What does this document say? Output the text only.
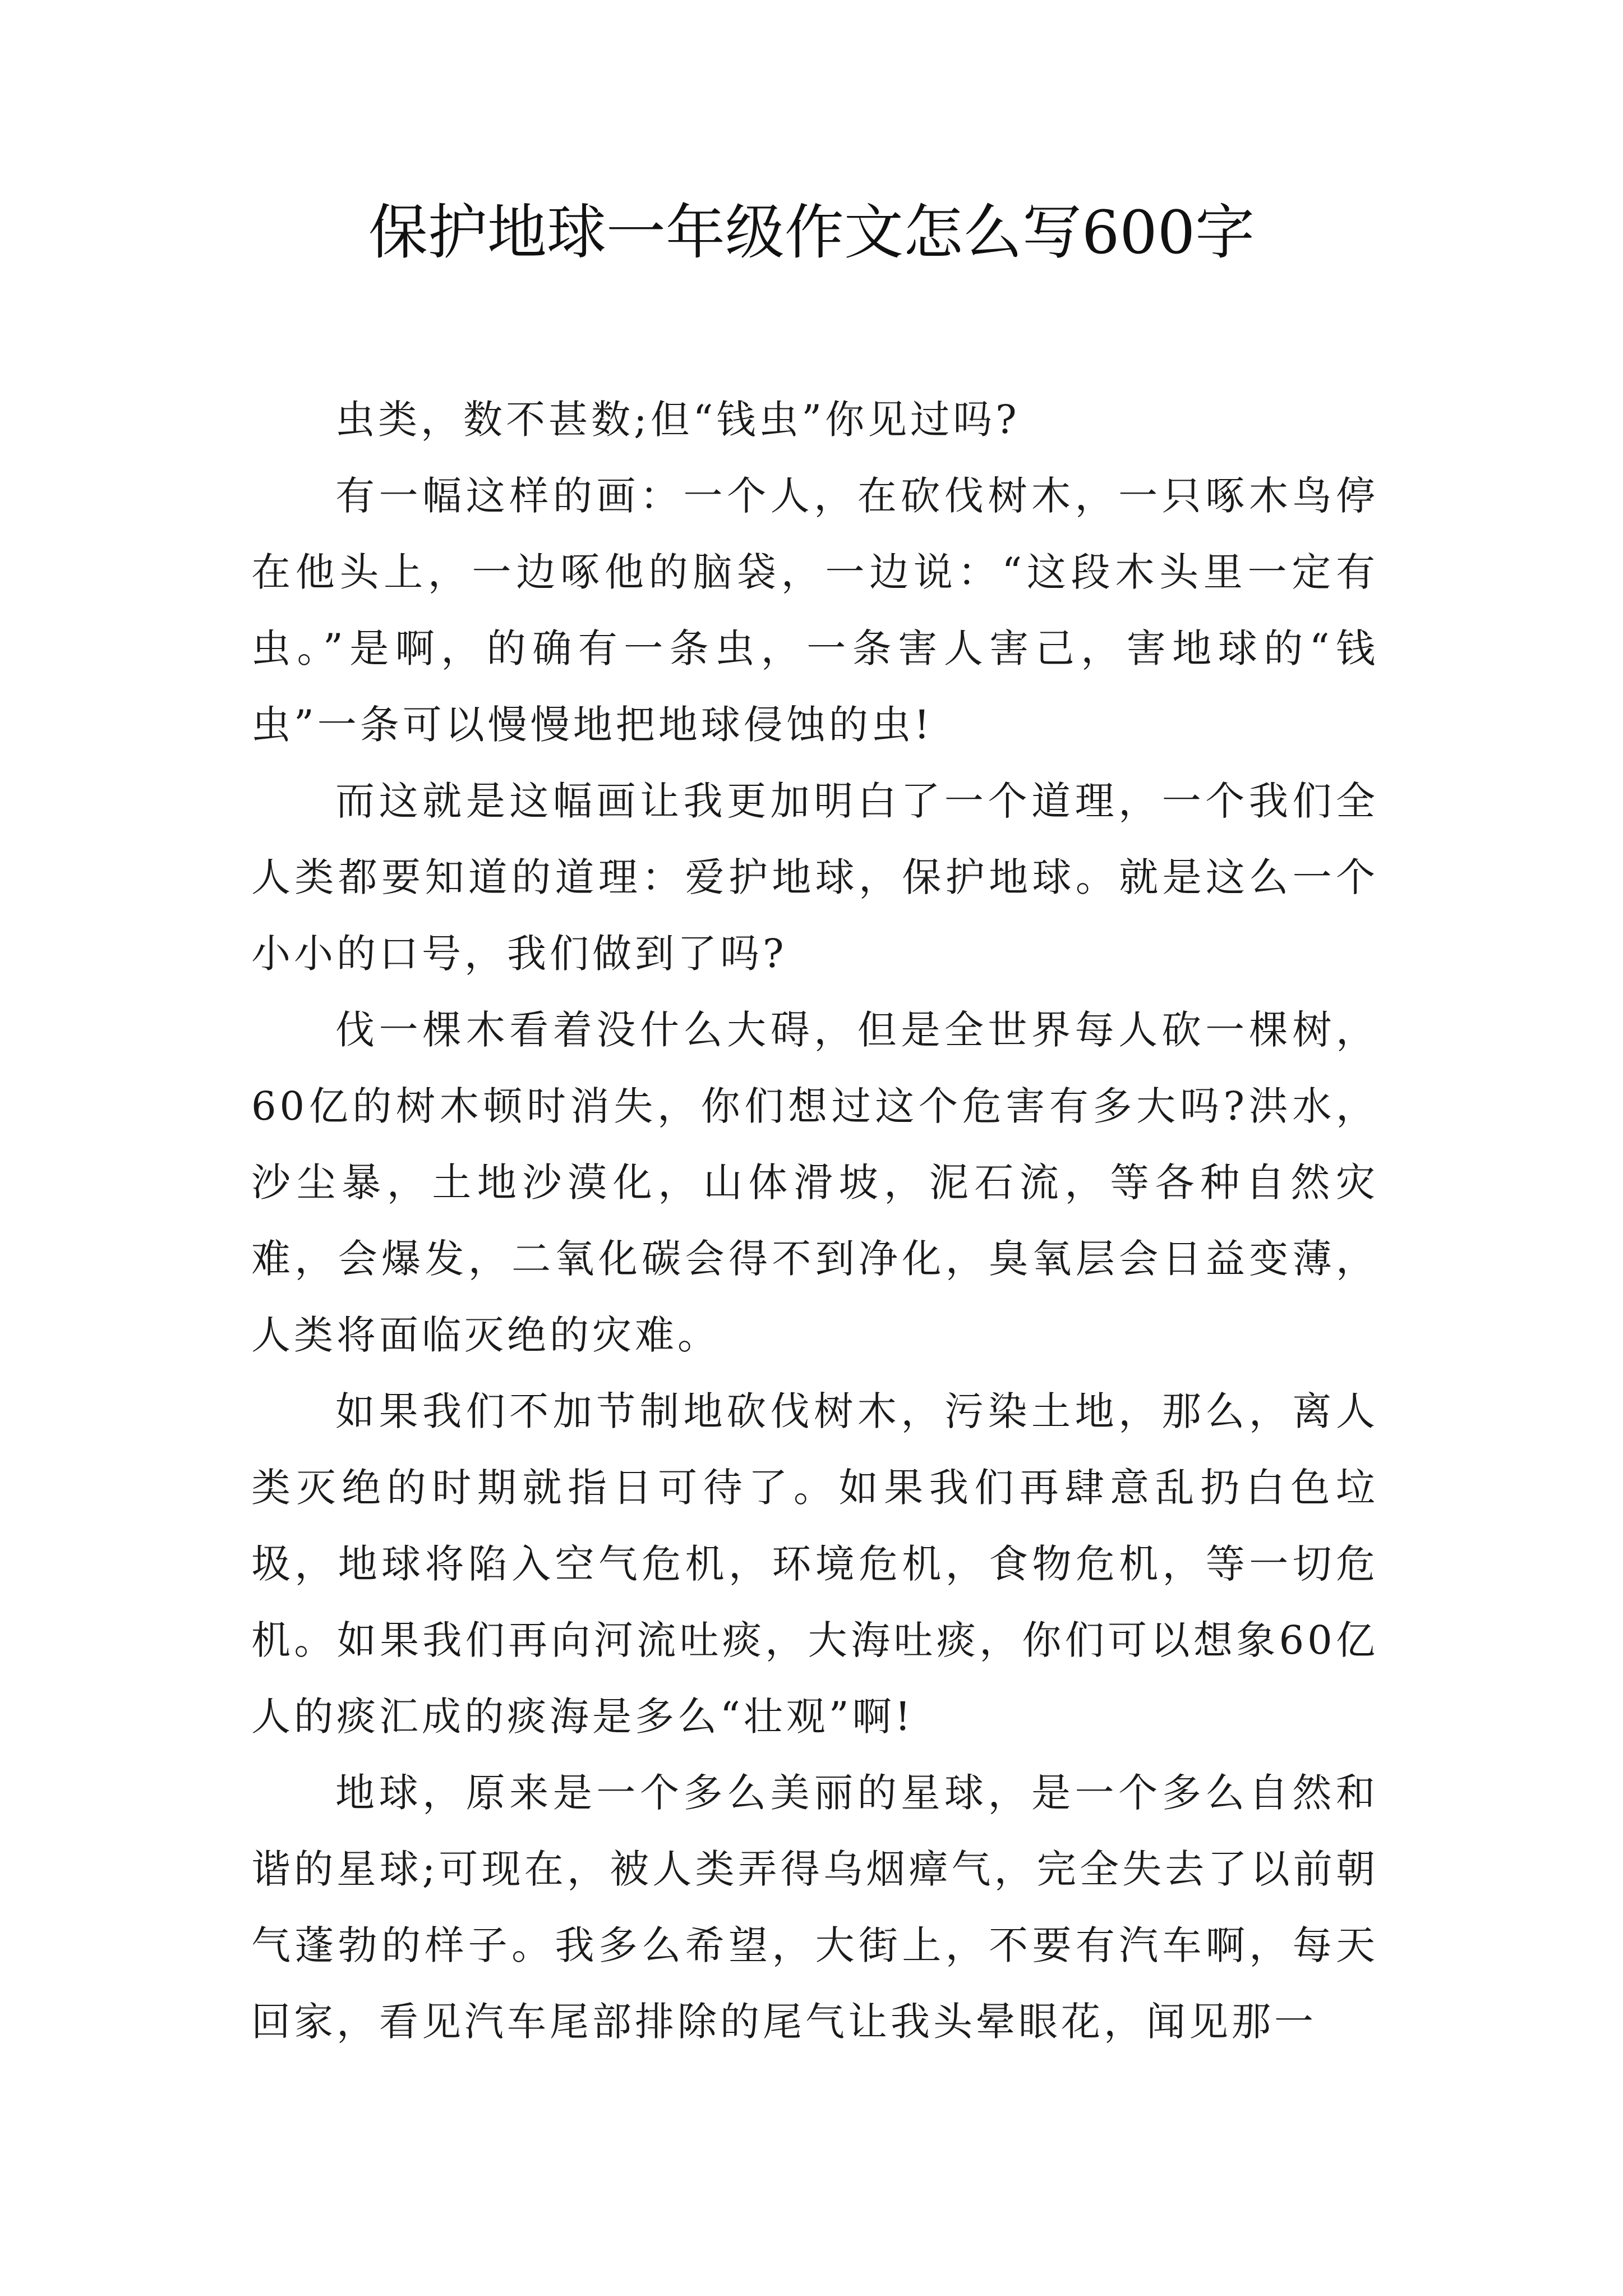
保护地球一年级作文怎么写600字

虫类，数不甚数;但“钱虫”你见过吗?

有一幅这样的画：一个人，在砍伐树木，一只啄木鸟停在他头上，一边啄他的脑袋，一边说：“这段木头里一定有虫。”是啊，的确有一条虫，一条害人害己，害地球的“钱虫”一条可以慢慢地把地球侵蚀的虫!

而这就是这幅画让我更加明白了一个道理，一个我们全人类都要知道的道理：爱护地球，保护地球。就是这么一个小小的口号，我们做到了吗?

伐一棵木看着没什么大碍，但是全世界每人砍一棵树，60亿的树木顿时消失，你们想过这个危害有多大吗?洪水，沙尘暴，土地沙漠化，山体滑坡，泥石流，等各种自然灾难，会爆发，二氧化碳会得不到净化，臭氧层会日益变薄，人类将面临灭绝的灾难。

如果我们不加节制地砍伐树木，污染土地，那么，离人类灭绝的时期就指日可待了。如果我们再肆意乱扔白色垃圾，地球将陷入空气危机，环境危机，食物危机，等一切危机。如果我们再向河流吐痰，大海吐痰，你们可以想象60亿人的痰汇成的痰海是多么“壮观”啊!

地球，原来是一个多么美丽的星球，是一个多么自然和谐的星球;可现在，被人类弄得乌烟瘴气，完全失去了以前朝气蓬勃的样子。我多么希望，大街上，不要有汽车啊，每天回家，看见汽车尾部排除的尾气让我头晕眼花，闻见那一
